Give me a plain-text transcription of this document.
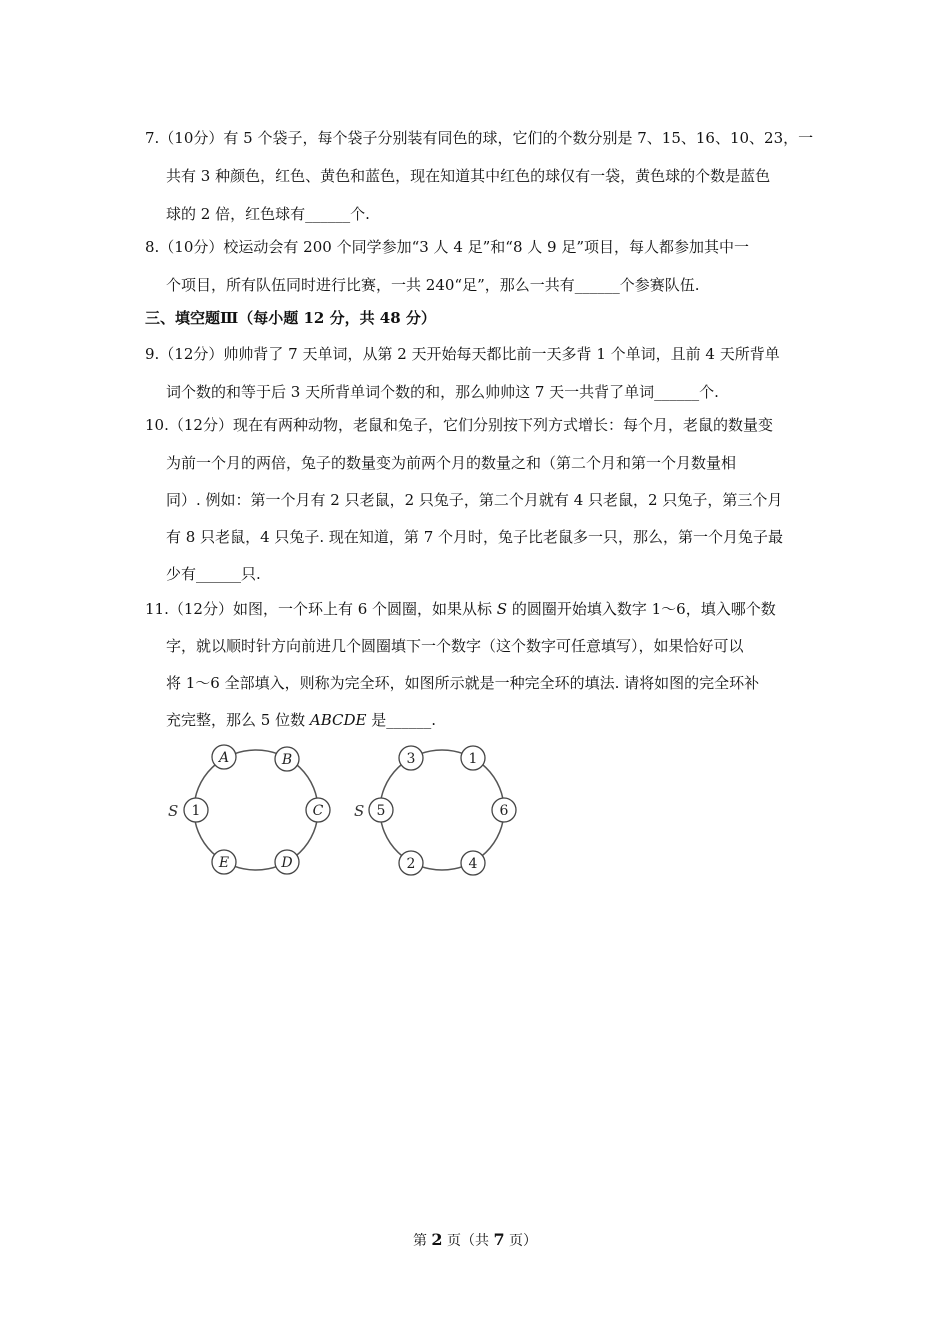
7.（10分）有 5 个袋子，每个袋子分别装有同色的球，它们的个数分别是 7、15、16、10、23，一
共有 3 种颜色，红色、黄色和蓝色，现在知道其中红色的球仅有一袋，黄色球的个数是蓝色
球的 2 倍，红色球有______个.
8.（10分）校运动会有 200 个同学参加“3 人 4 足”和“8 人 9 足”项目，每人都参加其中一
个项目，所有队伍同时进行比赛，一共 240“足”，那么一共有______个参赛队伍.
三、填空题Ⅲ（每小题 12 分，共 48 分）
9.（12分）帅帅背了 7 天单词，从第 2 天开始每天都比前一天多背 1 个单词，且前 4 天所背单
词个数的和等于后 3 天所背单词个数的和，那么帅帅这 7 天一共背了单词______个.
10.（12分）现在有两种动物，老鼠和兔子，它们分别按下列方式增长：每个月，老鼠的数量变
为前一个月的两倍，兔子的数量变为前两个月的数量之和（第二个月和第一个月数量相
同）. 例如：第一个月有 2 只老鼠，2 只兔子，第二个月就有 4 只老鼠，2 只兔子，第三个月
有 8 只老鼠，4 只兔子. 现在知道，第 7 个月时，兔子比老鼠多一只，那么，第一个月兔子最
少有______只.
11.（12分）如图，一个环上有 6 个圆圈，如果从标 S 的圆圈开始填入数字 1～6，填入哪个数
字，就以顺时针方向前进几个圆圈填下一个数字（这个数字可任意填写），如果恰好可以
将 1～6 全部填入，则称为完全环，如图所示就是一种完全环的填法. 请将如图的完全环补
充完整，那么 5 位数 ABCDE 是______.
S
A	B
C
D
E
1	S
3	1
6
4
2
5
第 2 页（共 7 页）
